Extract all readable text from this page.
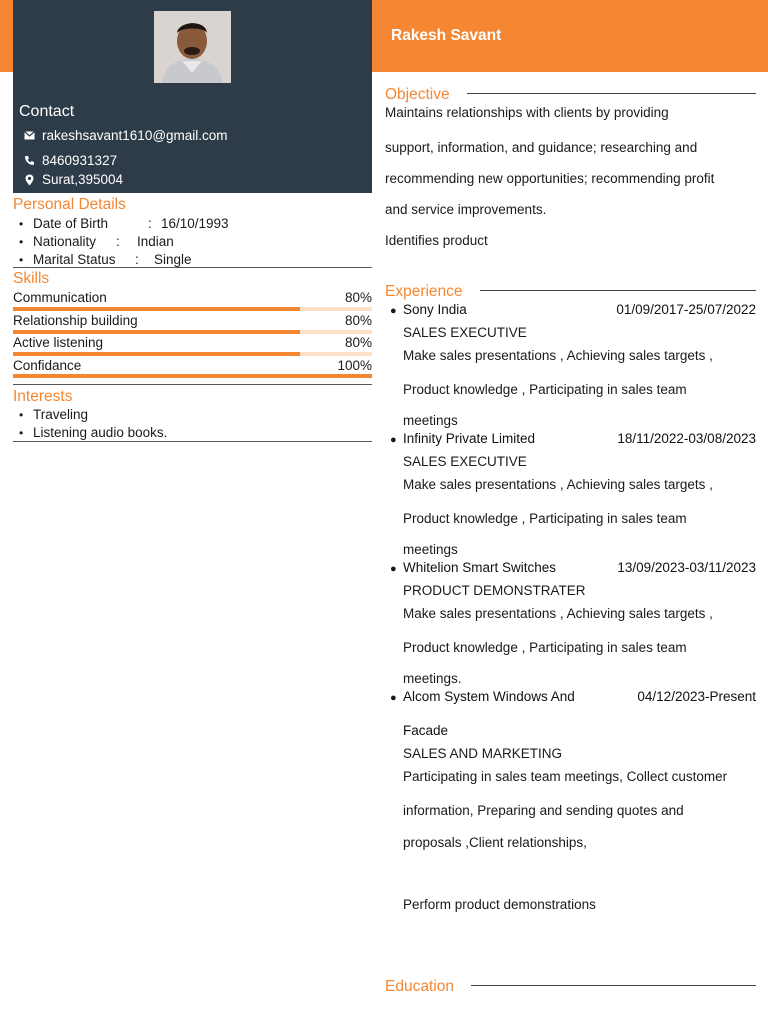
Rakesh Savant
Contact
rakeshsavant1610@gmail.com
8460931327
Surat,395004
Personal Details
• Date of Birth	: 16/10/1993
• Nationality	:	Indian
• Marital Status	:	Single
Skills
Communication	80%
Relationship building	80%
Active listening	80%
Confidance	100%
Interests
• Traveling
• Listening audio books.
Objective
Maintains relationships with clients by providing
support, information, and guidance; researching and
recommending new opportunities; recommending profit
and service improvements.
Identifies product
Experience
● Sony India	01/09/2017-25/07/2022
SALES EXECUTIVE
Make sales presentations , Achieving sales targets ,
Product knowledge , Participating in sales team
meetings
● Infinity Private Limited	18/11/2022-03/08/2023
SALES EXECUTIVE
Make sales presentations , Achieving sales targets ,
Product knowledge , Participating in sales team
meetings
● Whitelion Smart Switches	13/09/2023-03/11/2023
PRODUCT DEMONSTRATER
Make sales presentations , Achieving sales targets ,
Product knowledge , Participating in sales team
meetings.
● Alcom System Windows And	04/12/2023-Present
Facade
SALES AND MARKETING
Participating in sales team meetings, Collect customer
information, Preparing and sending quotes and
proposals ,Client relationships,
Perform product demonstrations
Education
